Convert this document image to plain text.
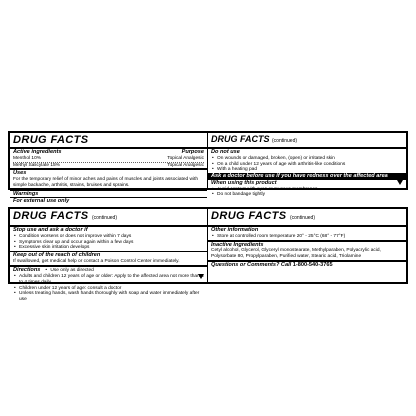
DRUG FACTS
Active ingredients	Purpose
Menthol 10%	Topical Analgesic
Methyl Salicylate 15%	Topical Analgesic
Uses
For the temporary relief of minor aches and pains of muscles and joints associated with simple backache, arthritis, strains, bruises and sprains.
Warnings
For external use only
DRUG FACTS (continued)
Do not use
• On wounds or damaged, broken, (open) or irritated skin
• On a child under 12 years of age with arthritis-like conditions
• With a heating pad
Ask a doctor before use if you have redness over the affected area
When using this product
• Avoid contact with eyes or mucous membranes
• Do not bandage tightly
DRUG FACTS (continued)
Stop use and ask a doctor if
• Condition worsens or does not improve within 7 days
• Symptoms clear up and occur again within a few days
• Excessive skin irritation develops
Keep out of the reach of children
If swallowed, get medical help or contact a Poison Control Center immediately.
Directions
•	Use only as directed
• Adults and children 12 years of age or older: Apply to the affected area not more than 3 to 4 times daily
• Children under 12 years of age: consult a doctor
• Unless treating hands, wash hands thoroughly with soap and water immediately after use
DRUG FACTS (continued)
Other information
• Store at controlled room temperature 20° - 25°C (68° - 77°F)
Inactive Ingredients
Cetyl alcohol, Glycerol, Glyceryl monostearate, Methylparaben, Polyacrylic acid, Polysorbate 80, Propylparaben, Purified water, Stearic acid, Triolamine
Questions or Comments? Call 1-800-540-3765
